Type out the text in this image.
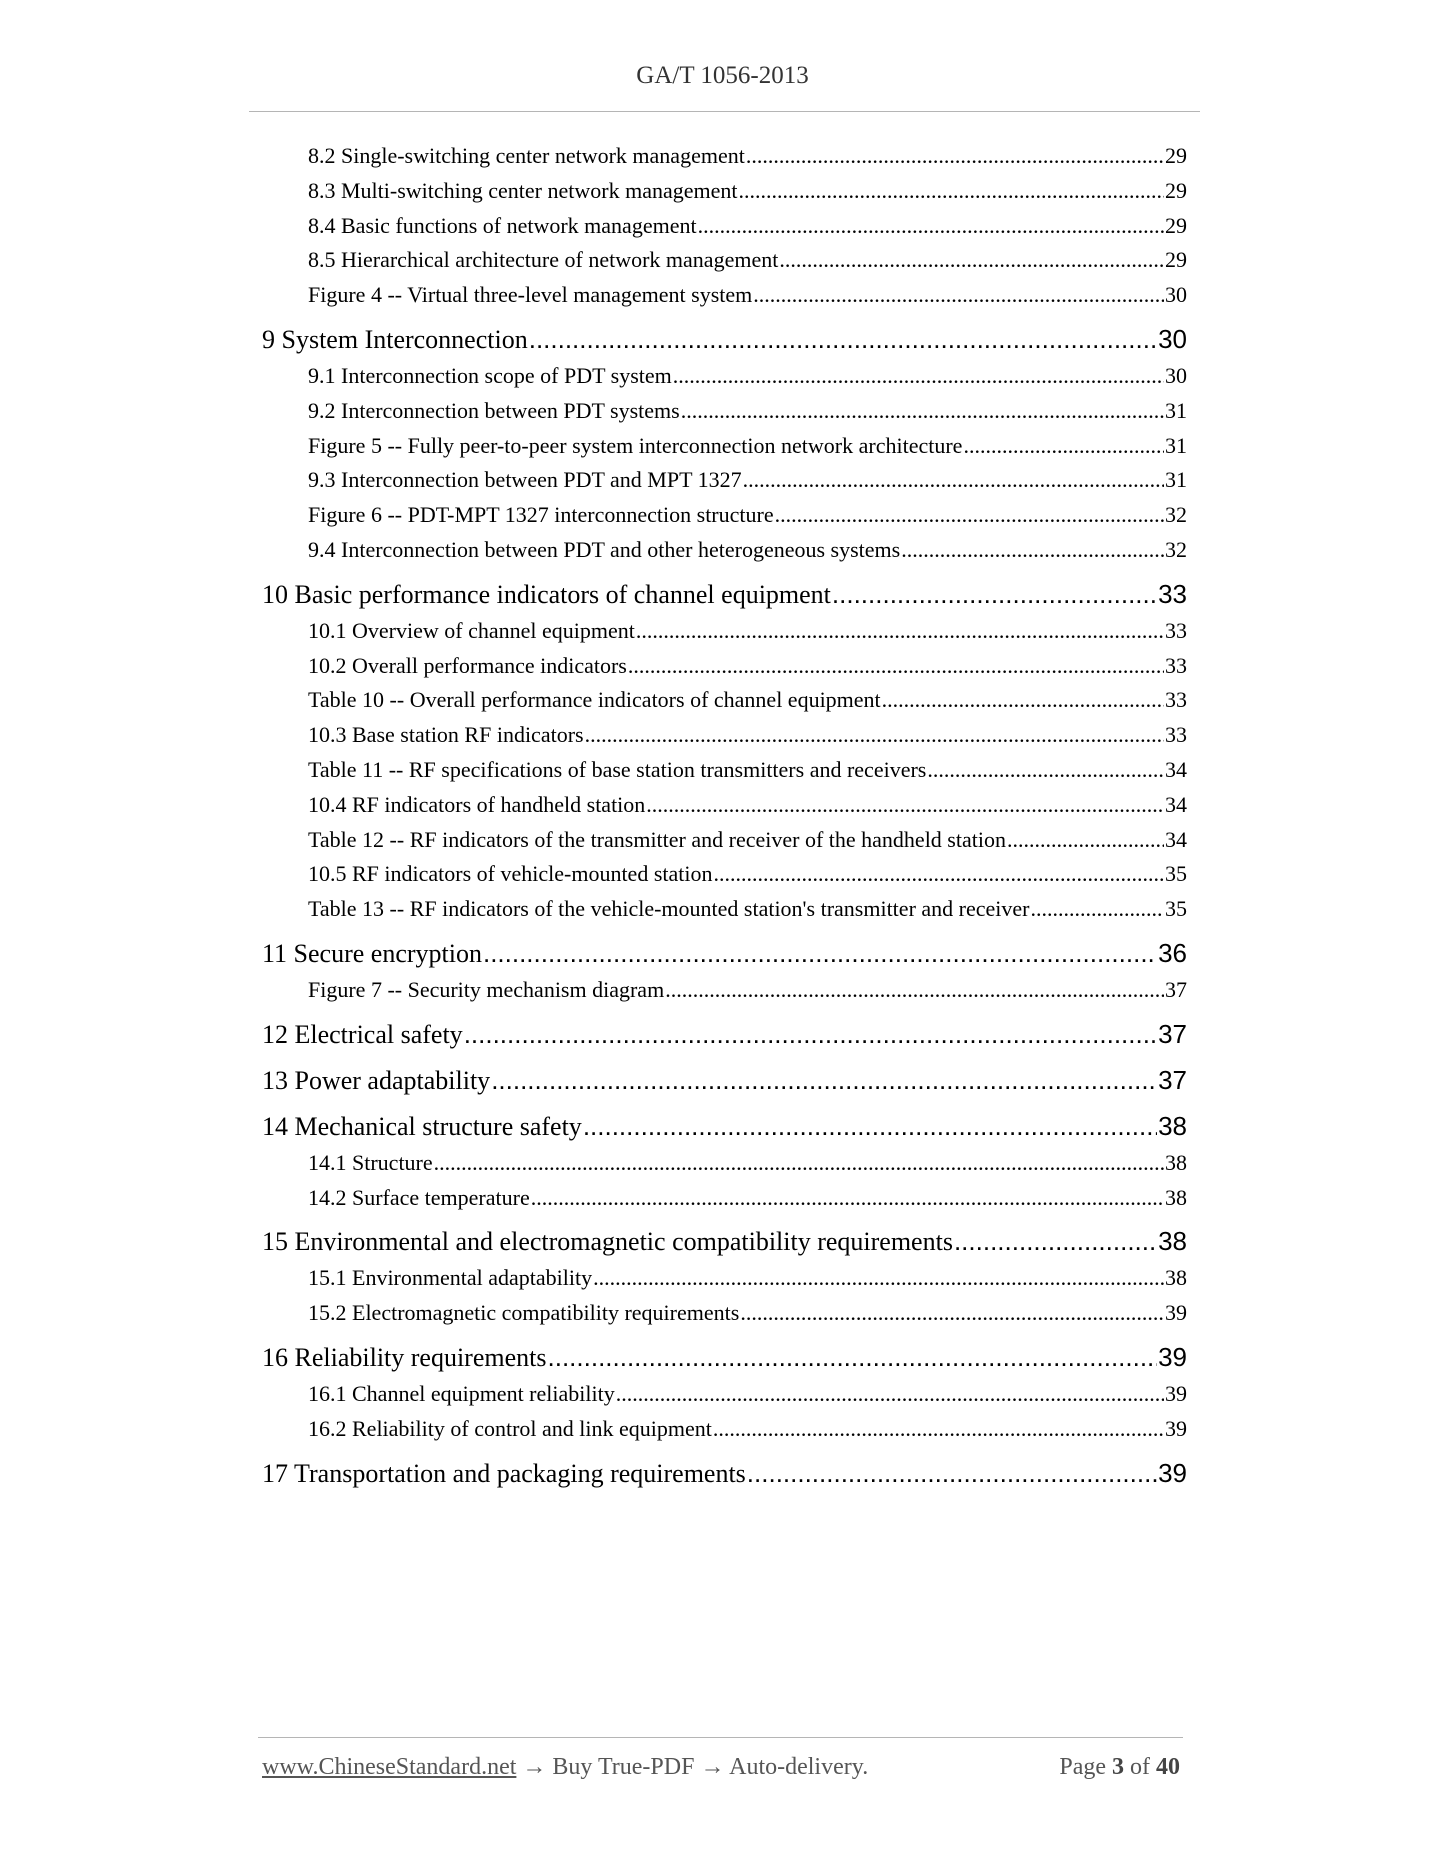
GA/T 1056-2013
8.2 Single-switching center network management .....	29
8.3 Multi-switching center network management .....	29
8.4 Basic functions of network management .....	29
8.5 Hierarchical architecture of network management .....	29
Figure 4 -- Virtual three-level management system .....	30
9 System Interconnection .....	30
9.1 Interconnection scope of PDT system .....	30
9.2 Interconnection between PDT systems .....	31
Figure 5 -- Fully peer-to-peer system interconnection network architecture .....	31
9.3 Interconnection between PDT and MPT 1327 .....	31
Figure 6 -- PDT-MPT 1327 interconnection structure .....	32
9.4 Interconnection between PDT and other heterogeneous systems .....	32
10 Basic performance indicators of channel equipment .....	33
10.1 Overview of channel equipment .....	33
10.2 Overall performance indicators .....	33
Table 10 -- Overall performance indicators of channel equipment .....	33
10.3 Base station RF indicators .....	33
Table 11 -- RF specifications of base station transmitters and receivers .....	34
10.4 RF indicators of handheld station .....	34
Table 12 -- RF indicators of the transmitter and receiver of the handheld station .....	34
10.5 RF indicators of vehicle-mounted station .....	35
Table 13 -- RF indicators of the vehicle-mounted station's transmitter and receiver .....	35
11 Secure encryption .....	36
Figure 7 -- Security mechanism diagram .....	37
12 Electrical safety .....	37
13 Power adaptability .....	37
14 Mechanical structure safety .....	38
14.1 Structure .....	38
14.2 Surface temperature .....	38
15 Environmental and electromagnetic compatibility requirements .....	38
15.1 Environmental adaptability .....	38
15.2 Electromagnetic compatibility requirements .....	39
16 Reliability requirements .....	39
16.1 Channel equipment reliability .....	39
16.2 Reliability of control and link equipment .....	39
17 Transportation and packaging requirements .....	39
www.ChineseStandard.net → Buy True-PDF → Auto-delivery.	Page 3 of 40
